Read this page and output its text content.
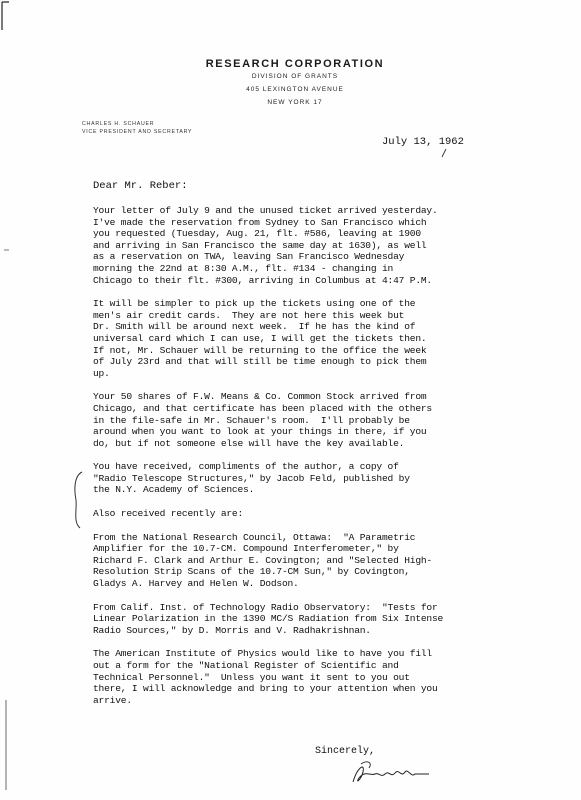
RESEARCH CORPORATION
DIVISION OF GRANTS
405 LEXINGTON AVENUE
NEW YORK 17
CHARLES H. SCHAUER
VICE PRESIDENT AND SECRETARY
July 13, 1962
Dear Mr. Reber:

Your letter of July 9 and the unused ticket arrived yesterday.
I've made the reservation from Sydney to San Francisco which
you requested (Tuesday, Aug. 21, flt. #586, leaving at 1900
and arriving in San Francisco the same day at 1630), as well
as a reservation on TWA, leaving San Francisco Wednesday
morning the 22nd at 8:30 A.M., flt. #134 - changing in
Chicago to their flt. #300, arriving in Columbus at 4:47 P.M.

It will be simpler to pick up the tickets using one of the
men's air credit cards.  They are not here this week but
Dr. Smith will be around next week.  If he has the kind of
universal card which I can use, I will get the tickets then.
If not, Mr. Schauer will be returning to the office the week
of July 23rd and that will still be time enough to pick them
up.

Your 50 shares of F.W. Means & Co. Common Stock arrived from
Chicago, and that certificate has been placed with the others
in the file-safe in Mr. Schauer's room.  I'll probably be
around when you want to look at your things in there, if you
do, but if not someone else will have the key available.

You have received, compliments of the author, a copy of
"Radio Telescope Structures," by Jacob Feld, published by
the N.Y. Academy of Sciences.

Also received recently are:

From the National Research Council, Ottawa:  "A Parametric
Amplifier for the 10.7-CM. Compound Interferometer," by
Richard F. Clark and Arthur E. Covington; and "Selected High-
Resolution Strip Scans of the 10.7-CM Sun," by Covington,
Gladys A. Harvey and Helen W. Dodson.

From Calif. Inst. of Technology Radio Observatory:  "Tests for
Linear Polarization in the 1390 MC/S Radiation from Six Intense
Radio Sources," by D. Morris and V. Radhakrishnan.

The American Institute of Physics would like to have you fill
out a form for the "National Register of Scientific and
Technical Personnel."  Unless you want it sent to you out
there, I will acknowledge and bring to your attention when you
arrive.

Sincerely,
